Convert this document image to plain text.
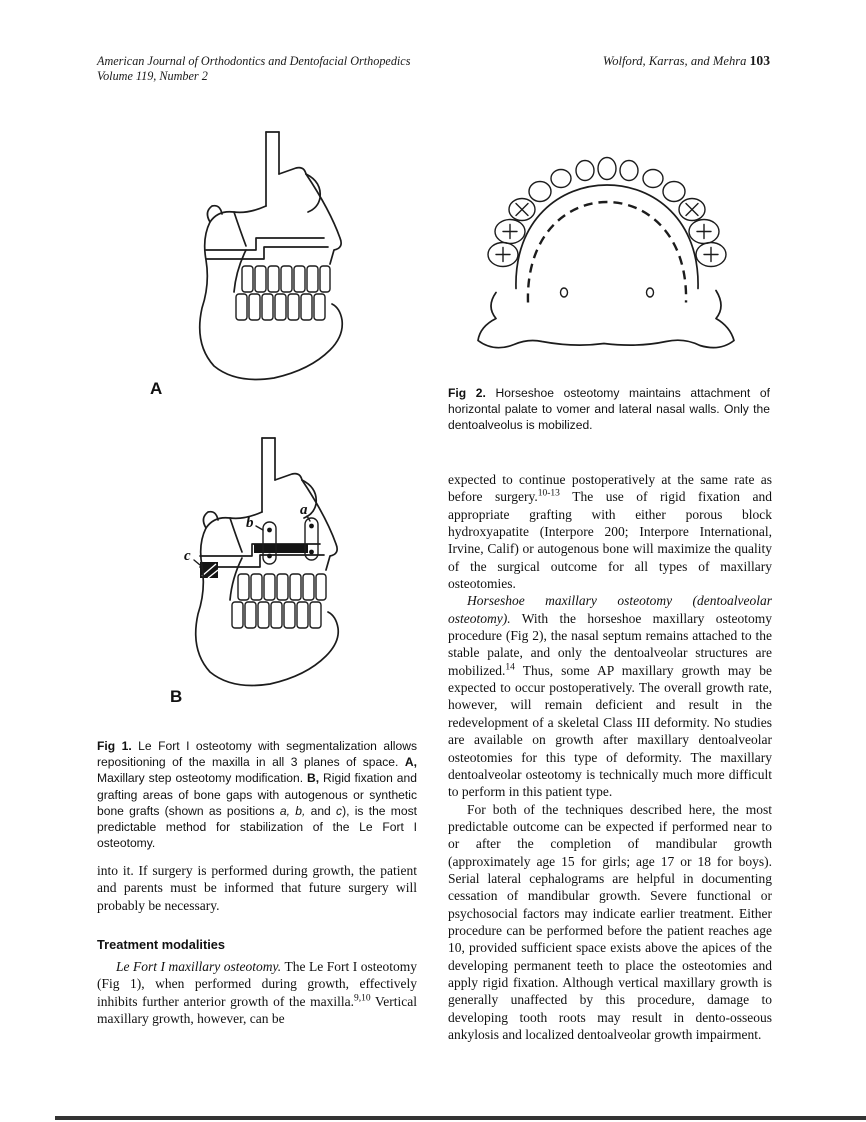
American Journal of Orthodontics and Dentofacial Orthopedics
Volume 119, Number 2
Wolford, Karras, and Mehra 103
A
b
a
c
B
Fig 2. Horseshoe osteotomy maintains attachment of horizontal palate to vomer and lateral nasal walls. Only the dentoalveolus is mobilized.
Fig 1. Le Fort I osteotomy with segmentalization allows repositioning of the maxilla in all 3 planes of space. A, Maxillary step osteotomy modification. B, Rigid fixation and grafting areas of bone gaps with autogenous or synthetic bone grafts (shown as positions a, b, and c), is the most predictable method for stabilization of the Le Fort I osteotomy.

into it. If surgery is performed during growth, the patient and parents must be informed that future surgery will probably be necessary.

Treatment modalities

Le Fort I maxillary osteotomy. The Le Fort I osteotomy (Fig 1), when performed during growth, effectively inhibits further anterior growth of the maxilla.$^{9,10}$ Vertical maxillary growth, however, can be

expected to continue postoperatively at the same rate as before surgery.$^{10-13}$ The use of rigid fixation and appropriate grafting with either porous block hydroxyapatite (Interpore 200; Interpore International, Irvine, Calif) or autogenous bone will maximize the quality of the surgical outcome for all types of maxillary osteotomies.

Horseshoe maxillary osteotomy (dentoalveolar osteotomy). With the horseshoe maxillary osteotomy procedure (Fig 2), the nasal septum remains attached to the stable palate, and only the dentoalveolar structures are mobilized.$^{14}$ Thus, some AP maxillary growth may be expected to occur postoperatively. The overall growth rate, however, will remain deficient and result in the redevelopment of a skeletal Class III deformity. No studies are available on growth after maxillary dentoalveolar osteotomies for this type of deformity. The maxillary dentoalveolar osteotomy is technically much more difficult to perform in this patient type.

For both of the techniques described here, the most predictable outcome can be expected if performed near to or after the completion of mandibular growth (approximately age 15 for girls; age 17 or 18 for boys). Serial lateral cephalograms are helpful in documenting cessation of mandibular growth. Severe functional or psychosocial factors may indicate earlier treatment. Either procedure can be performed before the patient reaches age 10, provided sufficient space exists above the apices of the developing permanent teeth to place the osteotomies and apply rigid fixation. Although vertical maxillary growth is generally unaffected by this procedure, damage to developing tooth roots may result in dento-osseous ankylosis and localized dentoalveolar growth impairment.
